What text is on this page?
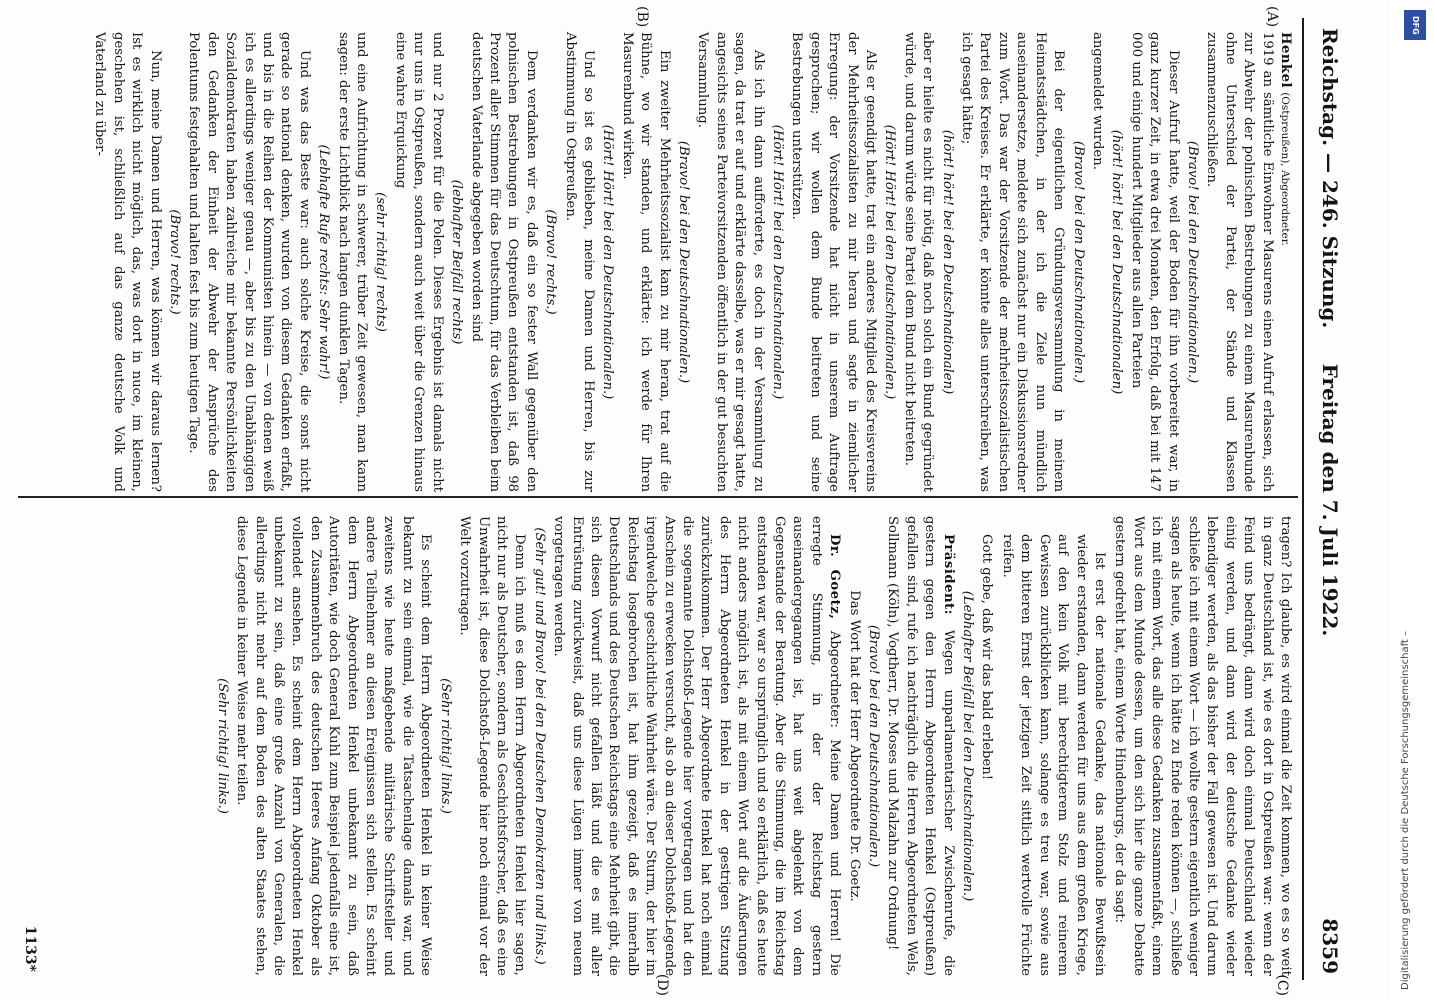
Reichstag. — 246. Sitzung.
Freitag den 7. Juli 1922.
8359
(A)
(B)
(C)
(D)

Henkel (Ostpreußen), Abgeordneter.

1919 an sämtliche Einwohner Masurens einen Aufruf erlassen, sich zur Abwehr der polnischen Bestrebungen zu einem Masurenbunde ohne Unterschied der Partei, der Stände und Klassen zusammenzuschließen.

(Bravo! bei den Deutschnationalen.)

Dieser Aufruf hatte, weil der Boden für ihn vorbereitet war, in ganz kurzer Zeit, in etwa drei Monaten, den Erfolg, daß bei mit 147 000 und einige hundert Mitglieder aus allen Parteien

(hört! hört! bei den Deutschnationalen)

angemeldet wurden.

(Bravo! bei den Deutschnationalen.)

Bei der eigentlichen Gründungsversammlung in meinem Heimatsstädtchen, in der ich die Ziele nun mündlich auseinandersetze, meldete sich zunächst nur ein Diskussionsredner zum Wort. Das war der Vorsitzende der mehrheitssozialistischen Partei des Kreises. Er erklärte, er könnte alles unterschreiben, was ich gesagt hätte;

(hört! hört! bei den Deutschnationalen)

aber er hielte es nicht für nötig, daß noch solch ein Bund gegründet würde, und darum würde seine Partei dem Bund nicht beitreten.

(Hört! Hört! bei den Deutschnationalen.)

Als er geendigt hatte, trat ein anderes Mitglied des Kreisvereins der Mehrheitssozialisten zu mir heran und sagte in ziemlicher Erregung: der Vorsitzende hat nicht in unserem Auftrage gesprochen; wir wollen dem Bunde beitreten und seine Bestrebungen unterstützen.

(Hört! Hört! bei den Deutschnationalen.)

Als ich ihn dann aufforderte, es doch in der Versammlung zu sagen, da trat er auf und erklärte dasselbe, was er mir gesagt hatte, angesichts seines Parteivorsitzenden öffentlich in der gut besuchten Versammlung.

(Bravo! bei den Deutschnationalen.)

Ein zweiter Mehrheitssozialist kam zu mir heran, trat auf die Bühne, wo wir standen, und erklärte: ich werde für Ihren Masurenbund wirken.

(Hört! Hört! bei den Deutschnationalen.)

Und so ist es geblieben, meine Damen und Herren, bis zur Abstimmung in Ostpreußen.

(Bravo! rechts.)

Dem verdanken wir es, daß ein so fester Wall gegenüber den polnischen Bestrebungen in Ostpreußen entstanden ist, daß 98 Prozent aller Stimmen für das Deutschtum, für das Verbleiben beim deutschen Vaterlande abgegeben worden sind

(lebhafter Beifall rechts)

und nur 2 Prozent für die Polen. Dieses Ergebnis ist damals nicht nur uns in Ostpreußen, sondern auch weit über die Grenzen hinaus eine wahre Erquickung

(sehr richtig! rechts)

und eine Aufrichtung in schwerer, trüber Zeit gewesen, man kann sagen: der erste Lichtblick nach langen dunklen Tagen.

(Lebhafte Rufe rechts: Sehr wahr!)

Und was das Beste war: auch solche Kreise, die sonst nicht gerade so national denken, wurden von diesem Gedanken erfaßt, und bis in die Reihen der Kommunisten hinein — von denen weiß ich es allerdings weniger genau —, aber bis zu den Unabhängigen Sozialdemokraten haben zahlreiche mir bekannte Persönlichkeiten den Gedanken der Einheit der Abwehr der Ansprüche des Polentums festgehalten und halten fest bis zum heutigen Tage.

(Bravo! rechts.)

Nun, meine Damen und Herren, was können wir daraus lernen? Ist es wirklich nicht möglich, das, was dort in nuce, im kleinen, geschehen ist, schließlich auf das ganze deutsche Volk und Vaterland zu über-

tragen? Ich glaube, es wird einmal die Zeit kommen, wo es so weit in ganz Deutschland ist, wie es dort in Ostpreußen war: wenn der Feind uns bedrängt, dann wird doch einmal Deutschland wieder einig werden, und dann wird der deutsche Gedanke wieder lebendiger werden, als das bisher der Fall gewesen ist. Und darum schließe ich mit einem Wort — ich wollte gestern eigentlich weniger sagen als heute, wenn ich hätte zu Ende reden können —, schließe ich mit einem Wort, das alle diese Gedanken zusammenfaßt, einem Wort aus dem Munde dessen, um den sich hier die ganze Debatte gestern gedreht hat, einem Worte Hindenburgs, der da sagt:

Ist erst der nationale Gedanke, das nationale Bewußtsein wieder erstanden, dann werden für uns aus dem großen Kriege, auf den kein Volk mit berechtigterem Stolz und reinerem Gewissen zurückblicken kann, solange es treu war, sowie aus dem bitteren Ernst der jetzigen Zeit sittlich wertvolle Früchte reifen.

Gott gebe, daß wir das bald erleben!

(Lebhafter Beifall bei den Deutschnationalen.)

Präsident: Wegen unparlamentarischer Zwischenrufe, die gestern gegen den Herrn Abgeordneten Henkel (Ostpreußen) gefallen sind, rufe ich nachträglich die Herren Abgeordneten Wels, Sollmann (Köln), Vogtherr, Dr. Moses und Malzahn zur Ordnung!

(Bravo! bei den Deutschnationalen.)

Das Wort hat der Herr Abgeordnete Dr. Goetz.

Dr. Goetz, Abgeordneter: Meine Damen und Herren! Die erregte Stimmung, in der der Reichstag gestern auseinandergegangen ist, hat uns weit abgelenkt von dem Gegenstande der Beratung. Aber die Stimmung, die im Reichstag entstanden war, war so ursprünglich und so erklärlich, daß es heute nicht anders möglich ist, als mit einem Wort auf die Äußerungen des Herrn Abgeordneten Henkel in der gestrigen Sitzung zurückzukommen. Der Herr Abgeordnete Henkel hat noch einmal die sogenannte Dolchstoß-Legende hier vorgetragen und hat den Anschein zu erwecken versucht, als ob an dieser Dolchstoß-Legende irgendwelche geschichtliche Wahrheit wäre. Der Sturm, der hier im Reichstag losgebrochen ist, hat ihm gezeigt, daß es innerhalb Deutschlands und des Deutschen Reichstags eine Mehrheit gibt, die sich diesen Vorwurf nicht gefallen läßt und die es mit aller Entrüstung zurückweist, daß uns diese Lügen immer von neuem vorgetragen werden.

(Sehr gut! und Bravo! bei den Deutschen Demokraten und links.)

Denn ich muß es dem Herrn Abgeordneten Henkel hier sagen, nicht nur als Deutscher, sondern als Geschichtsforscher, daß es eine Unwahrheit ist, diese Dolchstoß-Legende hier noch einmal vor der Welt vorzutragen.

(Sehr richtig! links.)

Es scheint dem Herrn Abgeordneten Henkel in keiner Weise bekannt zu sein einmal, wie die Tatsachenlage damals war, und zweitens wie heute maßgebende militärische Schriftsteller und andere Teilnehmer an diesen Ereignissen sich stellen. Es scheint dem Herrn Abgeordneten Henkel unbekannt zu sein, daß Autoritäten, wie doch General Kuhl zum Beispiel jedenfalls eine ist, den Zusammenbruch des deutschen Heeres Anfang Oktober als vollendet ansehen. Es scheint dem Herrn Abgeordneten Henkel unbekannt zu sein, daß eine große Anzahl von Generalen, die allerdings nicht mehr auf dem Boden des alten Staates stehen, diese Legende in keiner Weise mehr teilen.

(Sehr richtig! links.)
1133*
DFG
Digitalisierung gefördert durch die Deutsche Forschungsgemeinschaft –
